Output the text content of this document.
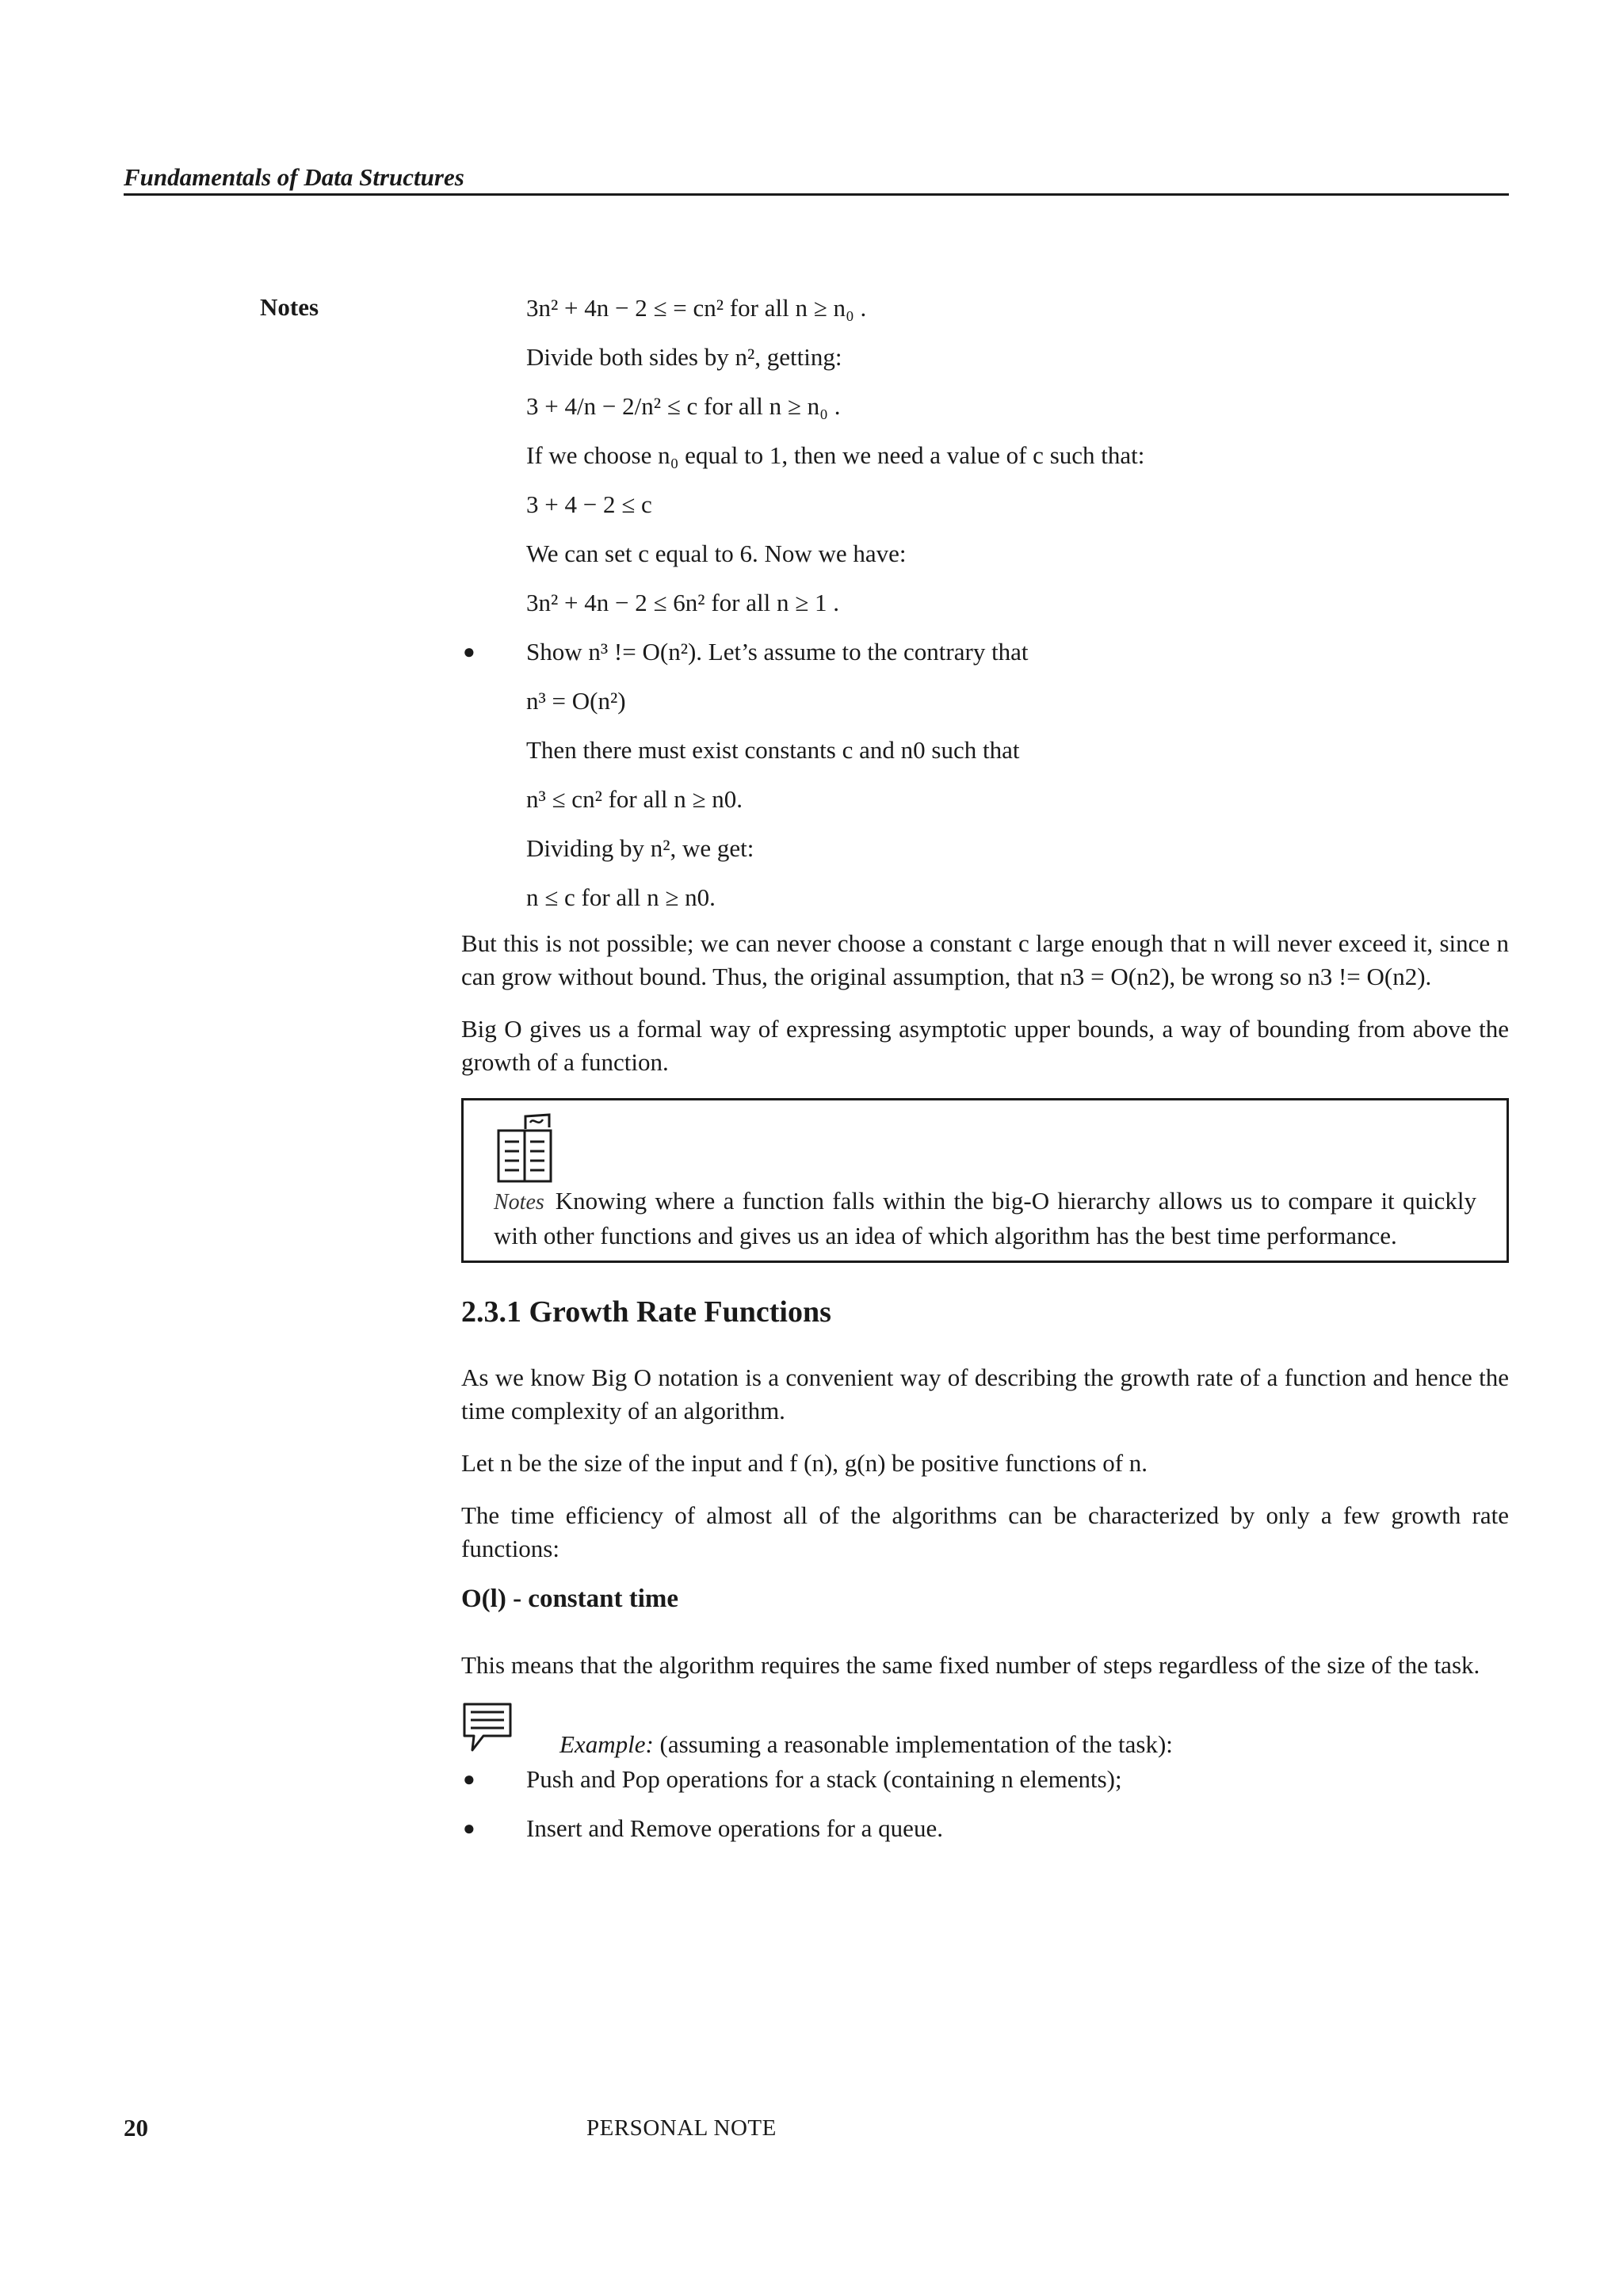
Fundamentals of Data Structures
Notes	3n² + 4n − 2 ≤ = cn² for all n ≥ n₀ .

Divide both sides by n², getting:

3 + 4/n − 2/n² ≤ c for all n ≥ n₀ .

If we choose n₀ equal to 1, then we need a value of c such that:

3 + 4 − 2 ≤ c

We can set c equal to 6. Now we have:

3n² + 4n − 2 ≤ 6n² for all n ≥ 1 .

● Show n³ != O(n²). Let’s assume to the contrary that

n³ = O(n²)

Then there must exist constants c and n0 such that

n³ ≤ cn² for all n ≥ n0.

Dividing by n², we get:

n ≤ c for all n ≥ n0.

But this is not possible; we can never choose a constant c large enough that n will never exceed it, since n can grow without bound. Thus, the original assumption, that n3 = O(n2), be wrong so n3 != O(n2).

Big O gives us a formal way of expressing asymptotic upper bounds, a way of bounding from above the growth of a function.

Notes Knowing where a function falls within the big-O hierarchy allows us to compare it quickly with other functions and gives us an idea of which algorithm has the best time performance.

2.3.1 Growth Rate Functions

As we know Big O notation is a convenient way of describing the growth rate of a function and hence the time complexity of an algorithm.

Let n be the size of the input and f (n), g(n) be positive functions of n.

The time efficiency of almost all of the algorithms can be characterized by only a few growth rate functions:

O(l) - constant time

This means that the algorithm requires the same fixed number of steps regardless of the size of the task.

Example: (assuming a reasonable implementation of the task):
● Push and Pop operations for a stack (containing n elements);
● Insert and Remove operations for a queue.
20	PERSONAL NOTE
